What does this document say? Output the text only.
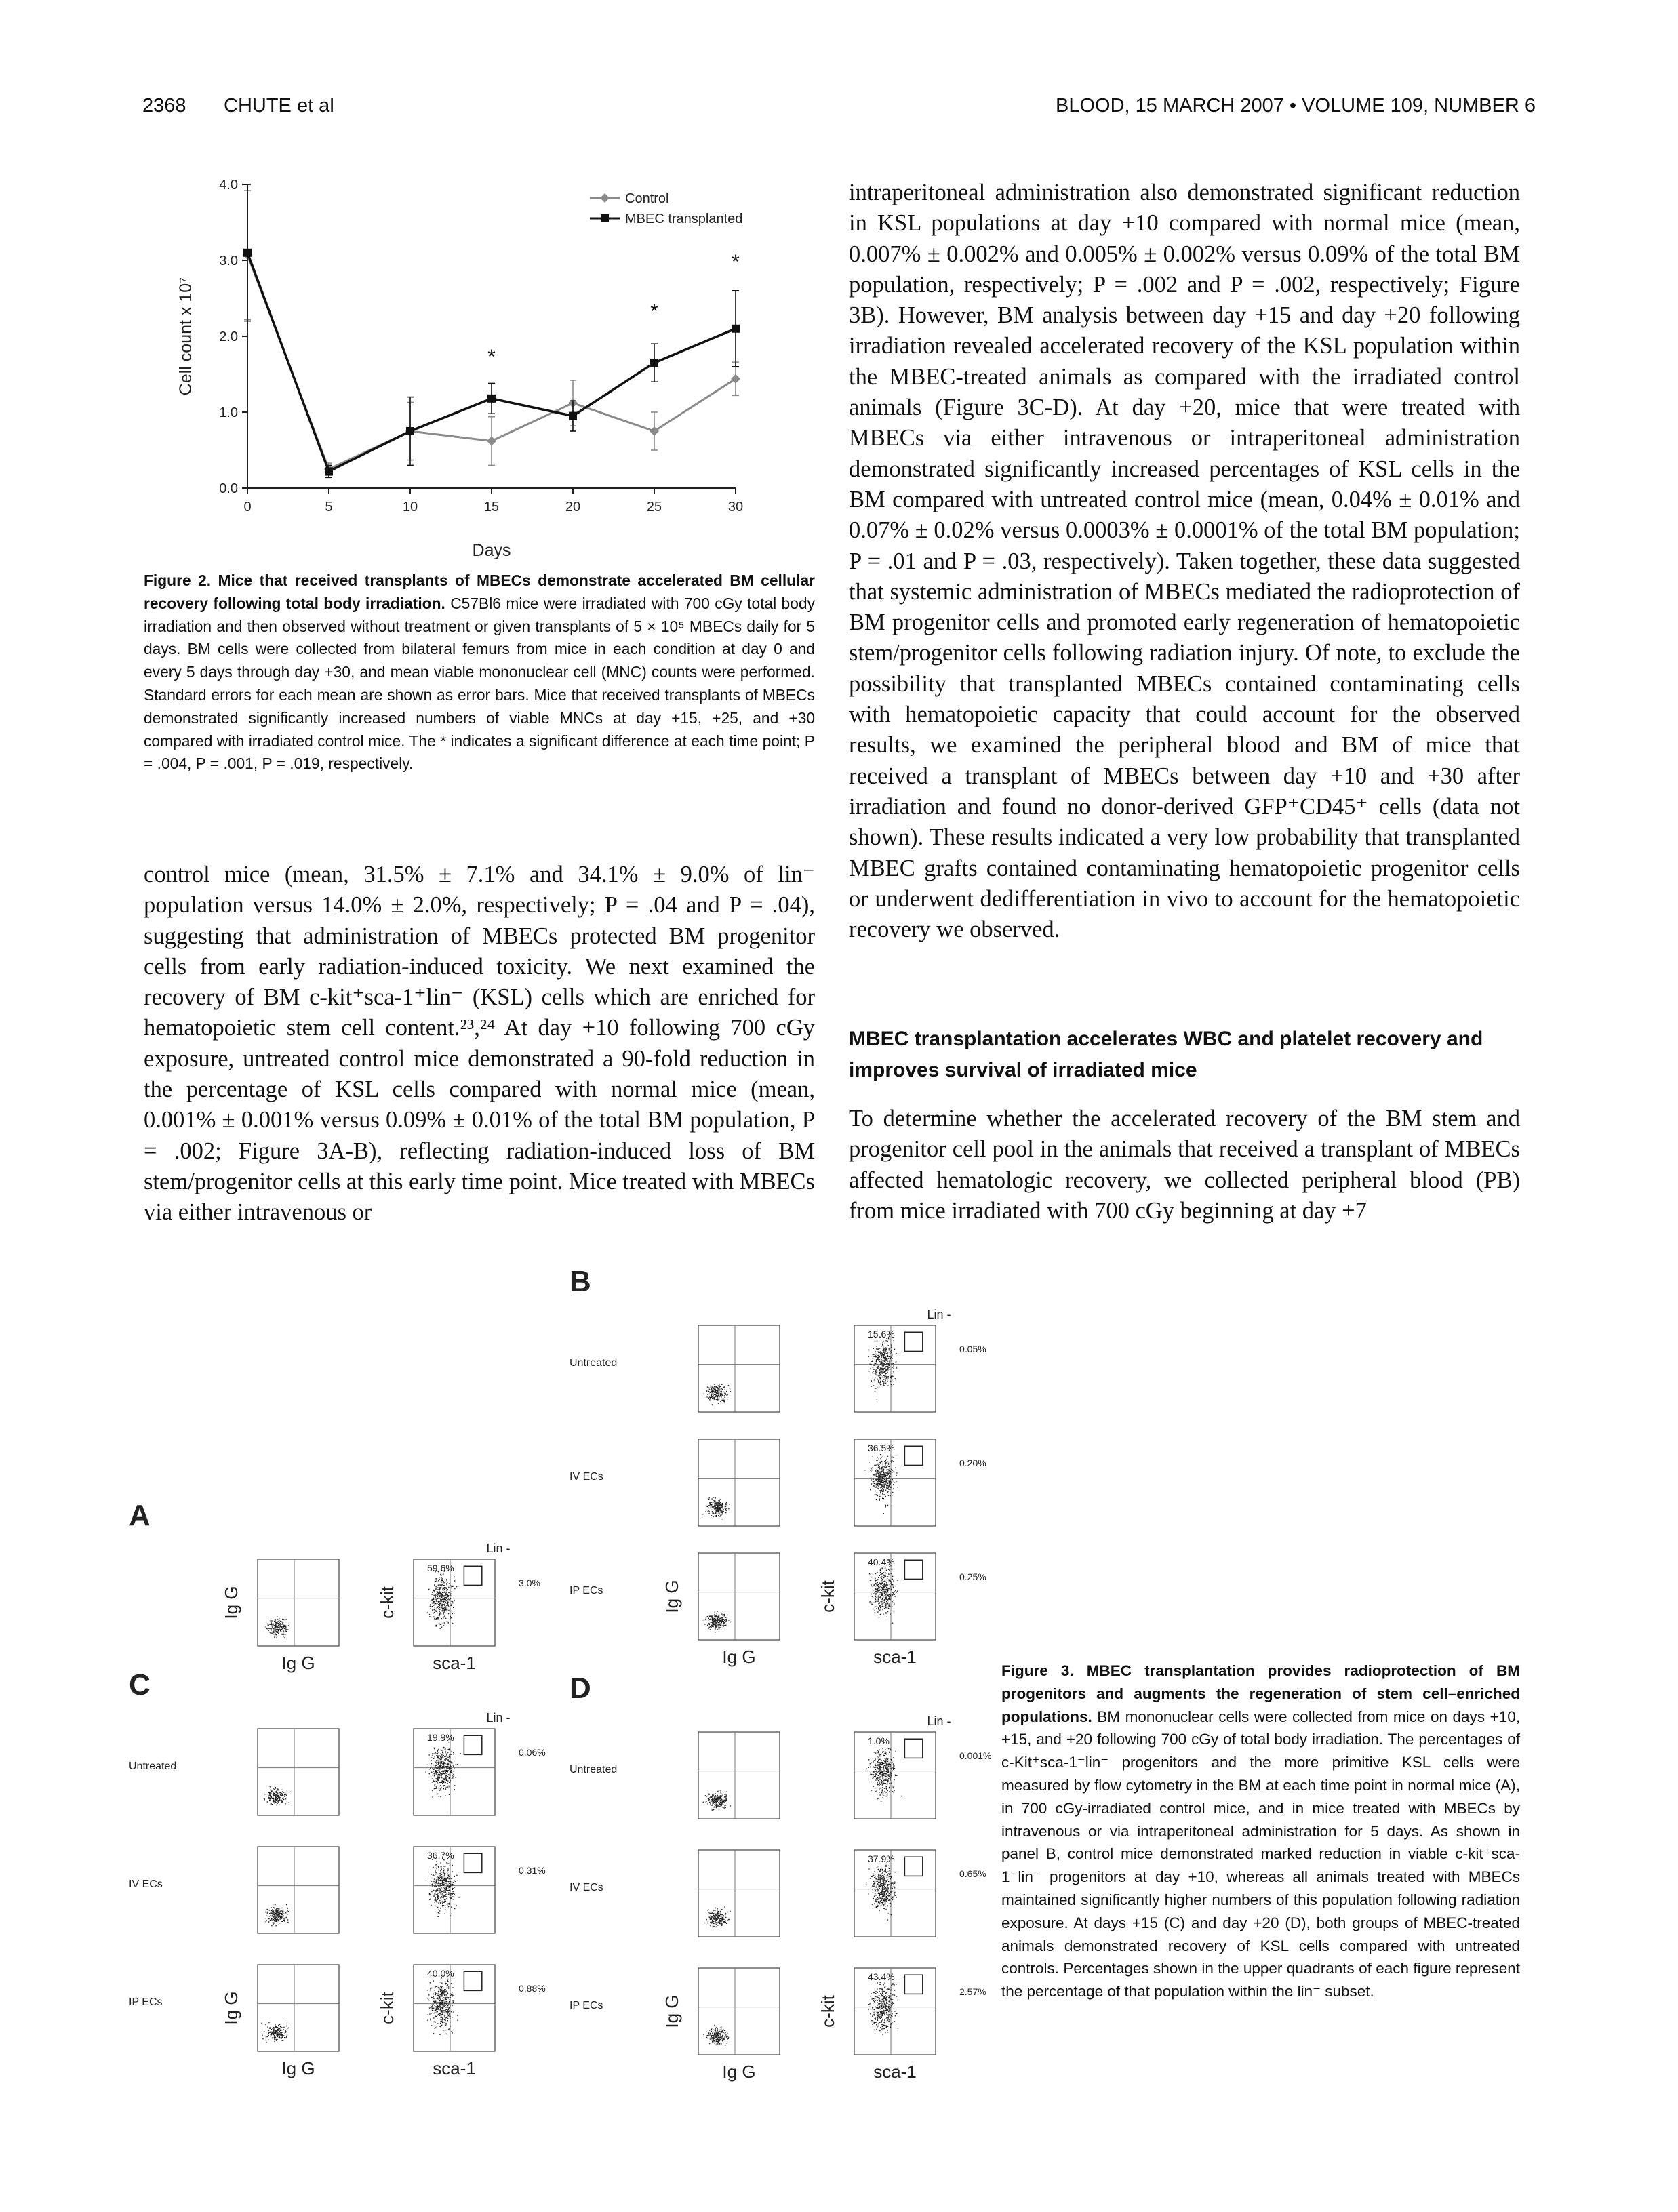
2368 CHUTE et al	BLOOD, 15 MARCH 2007 • VOLUME 109, NUMBER 6
0.0
1.0
2.0
3.0
4.0
0	5	10	15	20	25	30
Days
Cell count x 10⁷	*
*
*
Control
MBEC transplanted
Figure 2. Mice that received transplants of MBECs demonstrate accelerated BM cellular recovery following total body irradiation. C57Bl6 mice were irradiated with 700 cGy total body irradiation and then observed without treatment or given transplants of 5 × 10⁵ MBECs daily for 5 days. BM cells were collected from bilateral femurs from mice in each condition at day 0 and every 5 days through day +30, and mean viable mononuclear cell (MNC) counts were performed. Standard errors for each mean are shown as error bars. Mice that received transplants of MBECs demonstrated significantly increased numbers of viable MNCs at day +15, +25, and +30 compared with irradiated control mice. The * indicates a significant difference at each time point; P = .004, P = .001, P = .019, respectively.

control mice (mean, 31.5% ± 7.1% and 34.1% ± 9.0% of lin⁻ population versus 14.0% ± 2.0%, respectively; P = .04 and P = .04), suggesting that administration of MBECs protected BM progenitor cells from early radiation-induced toxicity. We next examined the recovery of BM c-kit⁺sca-1⁺lin⁻ (KSL) cells which are enriched for hematopoietic stem cell content.²³,²⁴ At day +10 following 700 cGy exposure, untreated control mice demonstrated a 90-fold reduction in the percentage of KSL cells compared with normal mice (mean, 0.001% ± 0.001% versus 0.09% ± 0.01% of the total BM population, P = .002; Figure 3A-B), reflecting radiation-induced loss of BM stem/progenitor cells at this early time point. Mice treated with MBECs via either intravenous or

intraperitoneal administration also demonstrated significant reduction in KSL populations at day +10 compared with normal mice (mean, 0.007% ± 0.002% and 0.005% ± 0.002% versus 0.09% of the total BM population, respectively; P = .002 and P = .002, respectively; Figure 3B). However, BM analysis between day +15 and day +20 following irradiation revealed accelerated recovery of the KSL population within the MBEC-treated animals as compared with the irradiated control animals (Figure 3C-D). At day +20, mice that were treated with MBECs via either intravenous or intraperitoneal administration demonstrated significantly increased percentages of KSL cells in the BM compared with untreated control mice (mean, 0.04% ± 0.01% and 0.07% ± 0.02% versus 0.0003% ± 0.0001% of the total BM population; P = .01 and P = .03, respectively). Taken together, these data suggested that systemic administration of MBECs mediated the radioprotection of BM progenitor cells and promoted early regeneration of hematopoietic stem/progenitor cells following radiation injury. Of note, to exclude the possibility that transplanted MBECs contained contaminating cells with hematopoietic capacity that could account for the observed results, we examined the peripheral blood and BM of mice that received a transplant of MBECs between day +10 and +30 after irradiation and found no donor-derived GFP⁺CD45⁺ cells (data not shown). These results indicated a very low probability that transplanted MBEC grafts contained contaminating hematopoietic progenitor cells or underwent dedifferentiation in vivo to account for the hematopoietic recovery we observed.

MBEC transplantation accelerates WBC and platelet recovery and improves survival of irradiated mice

To determine whether the accelerated recovery of the BM stem and progenitor cell pool in the animals that received a transplant of MBECs affected hematologic recovery, we collected peripheral blood (PB) from mice irradiated with 700 cGy beginning at day +7

B
Untreated
15.6%
0.05%
IV ECs
36.5%
0.20%
IP ECs
40.4%
0.25%
Lin -
Ig G	c-kit
Ig G	sca-1
A
59.6%
3.0%
Lin -
Ig G	c-kit
Ig G	sca-1
C
Untreated
19.9%
0.06%
IV ECs
36.7%
0.31%
IP ECs
40.0%
0.88%
Lin -
Ig G	c-kit
Ig G	sca-1
D
Untreated
1.0%
0.001%
IV ECs
37.9%
0.65%
IP ECs
43.4%
2.57%
Lin -
Ig G	c-kit
Ig G	sca-1
Figure 3. MBEC transplantation provides radioprotection of BM progenitors and augments the regeneration of stem cell–enriched populations. BM mononuclear cells were collected from mice on days +10, +15, and +20 following 700 cGy of total body irradiation. The percentages of c-Kit⁺sca-1⁻lin⁻ progenitors and the more primitive KSL cells were measured by flow cytometry in the BM at each time point in normal mice (A), in 700 cGy-irradiated control mice, and in mice treated with MBECs by intravenous or via intraperitoneal administration for 5 days. As shown in panel B, control mice demonstrated marked reduction in viable c-kit⁺sca-1⁻lin⁻ progenitors at day +10, whereas all animals treated with MBECs maintained significantly higher numbers of this population following radiation exposure. At days +15 (C) and day +20 (D), both groups of MBEC-treated animals demonstrated recovery of KSL cells compared with untreated controls. Percentages shown in the upper quadrants of each figure represent the percentage of that population within the lin⁻ subset.
